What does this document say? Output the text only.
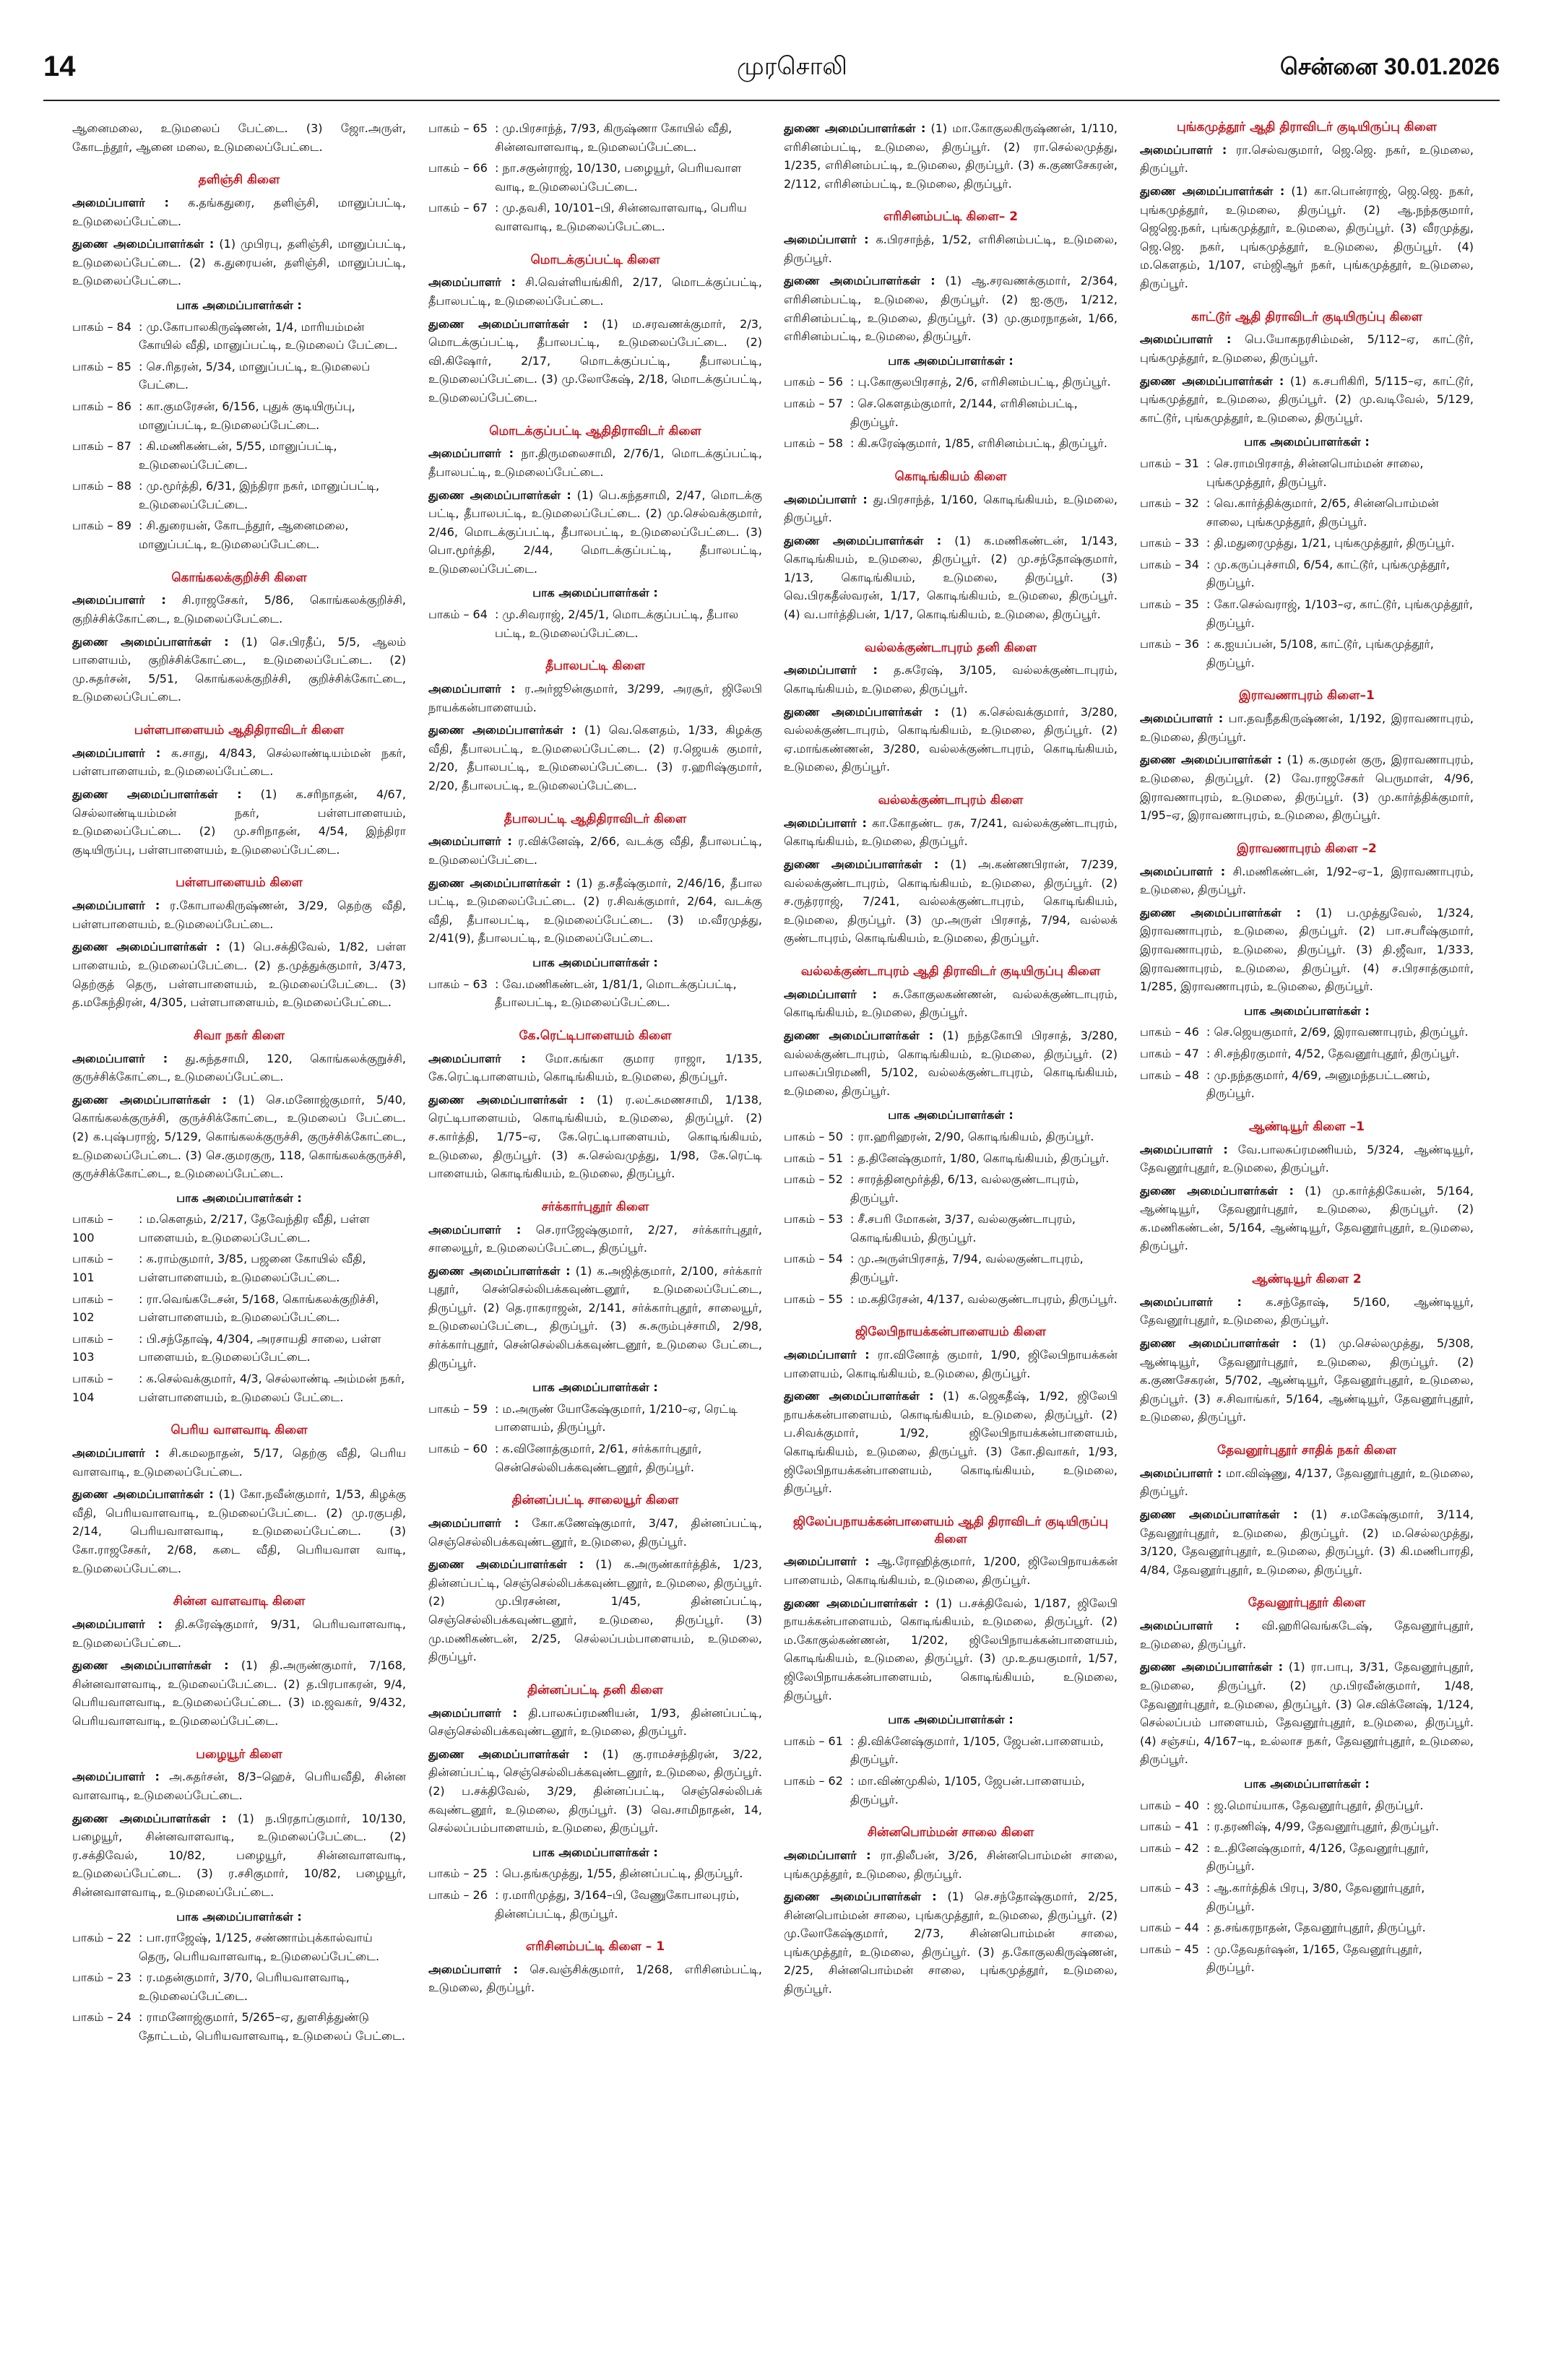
14	முரசொலி	சென்னை 30.01.2026

ஆனைமலை, உடுமலைப் பேட்டை. (3) ஜோ.அருள், கோடந்தூர், ஆனை மலை, உடுமலைப்பேட்டை.

தளிஞ்சி கிளை

அமைப்பாளர் : க.தங்கதுரை, தளிஞ்சி, மானுப்பட்டி, உடுமலைப்பேட்டை.

துணை அமைப்பாளர்கள் : (1) முபிரபு, தளிஞ்சி, மானுப்பட்டி, உடுமலைப்பேட்டை. (2) க.துரையன், தளிஞ்சி, மானுப்பட்டி, உடுமலைப்பேட்டை.

பாக அமைப்பாளர்கள் :
பாகம் – 84 : மு.கோபாலகிருஷ்ணன், 1/4, மாரியம்மன் கோயில் வீதி, மானுப்பட்டி, உடுமலைப் பேட்டை.
பாகம் – 85 : செ.ரிதரன், 5/34, மானுப்பட்டி, உடுமலைப் பேட்டை.
பாகம் – 86 : கா.குமரேசன், 6/156, புதுக் குடியிருப்பு, மானுப்பட்டி, உடுமலைப்பேட்டை.
பாகம் – 87 : கி.மணிகண்டன், 5/55, மானுப்பட்டி, உடுமலைப்பேட்டை.
பாகம் – 88 : மு.மூர்த்தி, 6/31, இந்திரா நகர், மானுப்பட்டி, உடுமலைப்பேட்டை.
பாகம் – 89 : சி.துரையன், கோடந்தூர், ஆனைமலை, மானுப்பட்டி, உடுமலைப்பேட்டை.
கொங்கலக்குறிச்சி கிளை

அமைப்பாளர் : சி.ராஜசேகர், 5/86, கொங்கலக்குறிச்சி, குறிச்சிக்கோட்டை, உடுமலைப்பேட்டை.

துணை அமைப்பாளர்கள் : (1) செ.பிரதீப், 5/5, ஆலம் பாளையம், குறிச்சிக்கோட்டை, உடுமலைப்பேட்டை. (2) மு.சுதர்சன், 5/51, கொங்கலக்குறிச்சி, குறிச்சிக்கோட்டை, உடுமலைப்பேட்டை.

பள்ளபாளையம் ஆதிதிராவிடர் கிளை

அமைப்பாளர் : க.சாது, 4/843, செல்லாண்டியம்மன் நகர், பள்ளபாளையம், உடுமலைப்பேட்டை.

துணை அமைப்பாளர்கள் : (1) க.சரிநாதன், 4/67, செல்லாண்டியம்மன் நகர், பள்ளபாளையம், உடுமலைப்பேட்டை. (2) மு.சரிநாதன், 4/54, இந்திரா குடியிருப்பு, பள்ளபாளையம், உடுமலைப்பேட்டை.

பள்ளபாளையம் கிளை

அமைப்பாளர் : ர.கோபாலகிருஷ்ணன், 3/29, தெற்கு வீதி, பள்ளபாளையம், உடுமலைப்பேட்டை.

துணை அமைப்பாளர்கள் : (1) பெ.சக்திவேல், 1/82, பள்ள பாளையம், உடுமலைப்பேட்டை. (2) த.முத்துக்குமார், 3/473, தெற்குத் தெரு, பள்ளபாளையம், உடுமலைப்பேட்டை. (3) த.மகேந்திரன், 4/305, பள்ளபாளையம், உடுமலைப்பேட்டை.

சிவா நகர் கிளை

அமைப்பாளர் : து.கந்தசாமி, 120, கொங்கலக்குறுச்சி, குருச்சிக்கோட்டை, உடுமலைப்பேட்டை.

துணை அமைப்பாளர்கள் : (1) செ.மனோஜ்குமார், 5/40, கொங்கலக்குருச்சி, குருச்சிக்கோட்டை, உடுமலைப் பேட்டை. (2) க.புஷ்பராஜ், 5/129, கொங்கலக்குருச்சி, குருச்சிக்கோட்டை, உடுமலைப்பேட்டை. (3) செ.குமரகுரு, 118, கொங்கலக்குருச்சி, குருச்சிக்கோட்டை, உடுமலைப்பேட்டை.

பாக அமைப்பாளர்கள் :
பாகம் – 100
: ம.கௌதம், 2/217, தேவேந்திர வீதி, பள்ள பாளையம், உடுமலைப்பேட்டை.
பாகம் – 101
: க.ராம்குமார், 3/85, பஜனை கோயில் வீதி, பள்ளபாளையம், உடுமலைப்பேட்டை.
பாகம் – 102
: ரா.வெங்கடேசன், 5/168, கொங்கலக்குறிச்சி, பள்ளபாளையம், உடுமலைப்பேட்டை.
பாகம் – 103
: பி.சந்தோஷ், 4/304, அரசாயதி சாலை, பள்ள பாளையம், உடுமலைப்பேட்டை.
பாகம் – 104
: க.செல்வக்குமார், 4/3, செல்லாண்டி அம்மன் நகர், பள்ளபாளையம், உடுமலைப் பேட்டை.
பெரிய வாளவாடி கிளை

அமைப்பாளர் : சி.கமலநாதன், 5/17, தெற்கு வீதி, பெரிய வாளவாடி, உடுமலைப்பேட்டை.

துணை அமைப்பாளர்கள் : (1) கோ.நவீன்குமார், 1/53, கிழக்கு வீதி, பெரியவாளவாடி, உடுமலைப்பேட்டை. (2) மு.ரகுபதி, 2/14, பெரியவாளவாடி, உடுமலைப்பேட்டை. (3) கோ.ராஜசேகர், 2/68, கடை வீதி, பெரியவாள வாடி, உடுமலைப்பேட்டை.

சின்ன வாளவாடி கிளை

அமைப்பாளர் : தி.சுரேஷ்குமார், 9/31, பெரியவாளவாடி, உடுமலைப்பேட்டை.

துணை அமைப்பாளர்கள் : (1) தி.அருண்குமார், 7/168, சின்னவாளவாடி, உடுமலைப்பேட்டை. (2) த.பிரபாகரன், 9/4, பெரியவாளவாடி, உடுமலைப்பேட்டை. (3) ம.ஜவகர், 9/432, பெரியவாளவாடி, உடுமலைப்பேட்டை.

பழையூர் கிளை

அமைப்பாளர் : அ.சுதர்சன், 8/3–ஹெச், பெரியவீதி, சின்ன வாளவாடி, உடுமலைப்பேட்டை.

துணை அமைப்பாளர்கள் : (1) ந.பிரதாப்குமார், 10/130, பழையூர், சின்னவாளவாடி, உடுமலைப்பேட்டை. (2) ர.சக்திவேல், 10/82, பழையூர், சின்னவாளவாடி, உடுமலைப்பேட்டை. (3) ர.சசிகுமார், 10/82, பழையூர், சின்னவாளவாடி, உடுமலைப்பேட்டை.

பாக அமைப்பாளர்கள் :
பாகம் – 22 : பா.ராஜேஷ், 1/125, சண்ணாம்புக்கால்வாய் தெரு, பெரியவாளவாடி, உடுமலைப்பேட்டை.
பாகம் – 23 : ர.மதன்குமார், 3/70, பெரியவாளவாடி, உடுமலைப்பேட்டை.
பாகம் – 24 : ராமனோஜ்குமார், 5/265–ஏ, துளசித்துண்டு தோட்டம், பெரியவாளவாடி, உடுமலைப் பேட்டை.
பாகம் – 65 : மு.பிரசாந்த், 7/93, கிருஷ்ணா கோயில் வீதி, சின்னவாளவாடி, உடுமலைப்பேட்டை.
பாகம் – 66 : நா.சகுன்ராஜ், 10/130, பழையூர், பெரியவாள வாடி, உடுமலைப்பேட்டை.
பாகம் – 67 : மு.தவசி, 10/101–பி, சின்னவாளவாடி, பெரிய வாளவாடி, உடுமலைப்பேட்டை.
மொடக்குப்பட்டி கிளை

அமைப்பாளர் : சி.வெள்ளியங்கிரி, 2/17, மொடக்குப்பட்டி, தீபாலபட்டி, உடுமலைப்பேட்டை.

துணை அமைப்பாளர்கள் : (1) ம.சரவணக்குமார், 2/3, மொடக்குப்பட்டி, தீபாலபட்டி, உடுமலைப்பேட்டை. (2) வி.கிஷோர், 2/17, மொடக்குப்பட்டி, தீபாலபட்டி, உடுமலைப்பேட்டை. (3) மு.லோகேஷ், 2/18, மொடக்குப்பட்டி, உடுமலைப்பேட்டை.

மொடக்குப்பட்டி ஆதிதிராவிடர் கிளை

அமைப்பாளர் : நா.திருமலைசாமி, 2/76/1, மொடக்குப்பட்டி, தீபாலபட்டி, உடுமலைப்பேட்டை.

துணை அமைப்பாளர்கள் : (1) பெ.கந்தசாமி, 2/47, மொடக்கு பட்டி, தீபாலபட்டி, உடுமலைப்பேட்டை. (2) மு.செல்வக்குமார், 2/46, மொடக்குப்பட்டி, தீபாலபட்டி, உடுமலைப்பேட்டை. (3) பொ.மூர்த்தி, 2/44, மொடக்குப்பட்டி, தீபாலபட்டி, உடுமலைப்பேட்டை.

பாக அமைப்பாளர்கள் :
பாகம் – 64 : மு.சிவராஜ், 2/45/1, மொடக்குப்பட்டி, தீபால பட்டி, உடுமலைப்பேட்டை.
தீபாலபட்டி கிளை

அமைப்பாளர் : ர.அர்ஜூன்குமார், 3/299, அரசூர், ஜிலேபி நாயக்கன்பாளையம்.

துணை அமைப்பாளர்கள் : (1) வெ.கௌதம், 1/33, கிழக்கு வீதி, தீபாலபட்டி, உடுமலைப்பேட்டை. (2) ர.ஜெயக் குமார், 2/20, தீபாலபட்டி, உடுமலைப்பேட்டை. (3) ர.ஹரிஷ்குமார், 2/20, தீபாலபட்டி, உடுமலைப்பேட்டை.

தீபாலபட்டி ஆதிதிராவிடர் கிளை

அமைப்பாளர் : ர.விக்னேஷ், 2/66, வடக்கு வீதி, தீபாலபட்டி, உடுமலைப்பேட்டை.

துணை அமைப்பாளர்கள் : (1) த.சதீஷ்குமார், 2/46/16, தீபால பட்டி, உடுமலைப்பேட்டை. (2) ர.சிவக்குமார், 2/64, வடக்கு வீதி, தீபாலபட்டி, உடுமலைப்பேட்டை. (3) ம.வீரமுத்து, 2/41(9), தீபாலபட்டி, உடுமலைப்பேட்டை.

பாக அமைப்பாளர்கள் :
பாகம் – 63 : வே.மணிகண்டன், 1/81/1, மொடக்குப்பட்டி, தீபாலபட்டி, உடுமலைப்பேட்டை.
கே.ரெட்டிபாளையம் கிளை

அமைப்பாளர் : மோ.கங்கா குமார ராஜா, 1/135, கே.ரெட்டிபாளையம், கொடிங்கியம், உடுமலை, திருப்பூர்.

துணை அமைப்பாளர்கள் : (1) ர.லட்சுமணசாமி, 1/138, ரெட்டிபாளையம், கொடிங்கியம், உடுமலை, திருப்பூர். (2) ச.கார்த்தி, 1/75–ஏ, கே.ரெட்டிபாளையம், கொடிங்கியம், உடுமலை, திருப்பூர். (3) சு.செல்வமுத்து, 1/98, கே.ரெட்டி பாளையம், கொடிங்கியம், உடுமலை, திருப்பூர்.

சர்க்கார்புதூர் கிளை

அமைப்பாளர் : செ.ராஜேஷ்குமார், 2/27, சர்க்கார்புதூர், சாலையூர், உடுமலைப்பேட்டை, திருப்பூர்.

துணை அமைப்பாளர்கள் : (1) க.அஜித்குமார், 2/100, சர்க்கார் புதூர், சென்செல்லிபக்கவுண்டனூர், உடுமலைப்பேட்டை, திருப்பூர். (2) தெ.ராகராஜன், 2/141, சர்க்கார்புதூர், சாலையூர், உடுமலைப்பேட்டை, திருப்பூர். (3) சு.சுரும்புச்சாமி, 2/98, சர்க்கார்புதூர், சென்செல்லிபக்கவுண்டனூர், உடுமலை பேட்டை, திருப்பூர்.

பாக அமைப்பாளர்கள் :
பாகம் – 59 : ம.அருண் யோகேஷ்குமார், 1/210–ஏ, ரெட்டி பாளையம், திருப்பூர்.
பாகம் – 60 : க.வினோத்குமார், 2/61, சர்க்கார்புதூர், சென்செல்லிபக்கவுண்டனூர், திருப்பூர்.
தின்னப்பட்டி சாலையூர் கிளை

அமைப்பாளர் : கோ.கணேஷ்குமார், 3/47, தின்னப்பட்டி, செஞ்செல்லிபக்கவுண்டனூர், உடுமலை, திருப்பூர்.

துணை அமைப்பாளர்கள் : (1) க.அருண்கார்த்திக், 1/23, தின்னப்பட்டி, செஞ்செல்லிபக்கவுண்டனூர், உடுமலை, திருப்பூர். (2) மு.பிரசன்ன, 1/45, தின்னப்பட்டி, செஞ்செல்லிபக்கவுண்டனூர், உடுமலை, திருப்பூர். (3) மு.மணிகண்டன், 2/25, செல்லப்பம்பாளையம், உடுமலை, திருப்பூர்.

தின்னப்பட்டி தனி கிளை

அமைப்பாளர் : தி.பாலசுப்ரமணியன், 1/93, தின்னப்பட்டி, செஞ்செல்லிபக்கவுண்டனூர், உடுமலை, திருப்பூர்.

துணை அமைப்பாளர்கள் : (1) கு.ராமச்சந்திரன், 3/22, தின்னப்பட்டி, செஞ்செல்லிபக்கவுண்டனூர், உடுமலை, திருப்பூர். (2) ப.சக்திவேல், 3/29, தின்னப்பட்டி, செஞ்செல்லிபக் கவுண்டனூர், உடுமலை, திருப்பூர். (3) வெ.சாமிநாதன், 14, செல்லப்பம்பாளையம், உடுமலை, திருப்பூர்.

பாக அமைப்பாளர்கள் :
பாகம் – 25 : பெ.தங்கமுத்து, 1/55, தின்னப்பட்டி, திருப்பூர்.
பாகம் – 26 : ர.மாரிமுத்து, 3/164–பி, வேணுகோபாலபுரம், தின்னப்பட்டி, திருப்பூர்.
எரிசினம்பட்டி கிளை – 1

அமைப்பாளர் : செ.வஞ்சிக்குமார், 1/268, எரிசினம்பட்டி, உடுமலை, திருப்பூர்.

துணை அமைப்பாளர்கள் : (1) மா.கோகுலகிருஷ்ணன், 1/110, எரிசினம்பட்டி, உடுமலை, திருப்பூர். (2) ரா.செல்லமுத்து, 1/235, எரிசினம்பட்டி, உடுமலை, திருப்பூர். (3) சு.குணசேகரன், 2/112, எரிசினம்பட்டி, உடுமலை, திருப்பூர்.

எரிசினம்பட்டி கிளை– 2

அமைப்பாளர் : க.பிரசாந்த், 1/52, எரிசினம்பட்டி, உடுமலை, திருப்பூர்.

துணை அமைப்பாளர்கள் : (1) ஆ.சரவணக்குமார், 2/364, எரிசினம்பட்டி, உடுமலை, திருப்பூர். (2) ஐ.குரு, 1/212, எரிசினம்பட்டி, உடுமலை, திருப்பூர். (3) மு.குமரநாதன், 1/66, எரிசினம்பட்டி, உடுமலை, திருப்பூர்.

பாக அமைப்பாளர்கள் :
பாகம் – 56 : பு.கோகுலபிரசாத், 2/6, எரிசினம்பட்டி, திருப்பூர்.
பாகம் – 57 : செ.கௌதம்குமார், 2/144, எரிசினம்பட்டி, திருப்பூர்.
பாகம் – 58 : கி.சுரேஷ்குமார், 1/85, எரிசினம்பட்டி, திருப்பூர்.
கொடிங்கியம் கிளை

அமைப்பாளர் : து.பிரசாந்த், 1/160, கொடிங்கியம், உடுமலை, திருப்பூர்.

துணை அமைப்பாளர்கள் : (1) க.மணிகண்டன், 1/143, கொடிங்கியம், உடுமலை, திருப்பூர். (2) மு.சந்தோஷ்குமார், 1/13, கொடிங்கியம், உடுமலை, திருப்பூர். (3) வெ.பிரகதீஸ்வரன், 1/17, கொடிங்கியம், உடுமலை, திருப்பூர். (4) வ.பார்த்திபன், 1/17, கொடிங்கியம், உடுமலை, திருப்பூர்.

வல்லக்குண்டாபுரம் தனி கிளை

அமைப்பாளர் : த.சுரேஷ், 3/105, வல்லக்குண்டாபுரம், கொடிங்கியம், உடுமலை, திருப்பூர்.

துணை அமைப்பாளர்கள் : (1) க.செல்வக்குமார், 3/280, வல்லக்குண்டாபுரம், கொடிங்கியம், உடுமலை, திருப்பூர். (2) ஏ.மாங்கண்ணன், 3/280, வல்லக்குண்டாபுரம், கொடிங்கியம், உடுமலை, திருப்பூர்.

வல்லக்குண்டாபுரம் கிளை

அமைப்பாளர் : கா.கோதண்ட ரசு, 7/241, வல்லக்குண்டாபுரம், கொடிங்கியம், உடுமலை, திருப்பூர்.

துணை அமைப்பாளர்கள் : (1) அ.கண்ணபிரான், 7/239, வல்லக்குண்டாபுரம், கொடிங்கியம், உடுமலை, திருப்பூர். (2) ச.ருத்ரராஜ், 7/241, வல்லக்குண்டாபுரம், கொடிங்கியம், உடுமலை, திருப்பூர். (3) மு.அருள் பிரசாத், 7/94, வல்லக் குண்டாபுரம், கொடிங்கியம், உடுமலை, திருப்பூர்.

வல்லக்குண்டாபுரம் ஆதி திராவிடர் குடியிருப்பு கிளை

அமைப்பாளர் : சு.கோகுலகண்ணன், வல்லக்குண்டாபுரம், கொடிங்கியம், உடுமலை, திருப்பூர்.

துணை அமைப்பாளர்கள் : (1) நந்தகோபி பிரசாத், 3/280, வல்லக்குண்டாபுரம், கொடிங்கியம், உடுமலை, திருப்பூர். (2) பாலசுப்பிரமணி, 5/102, வல்லக்குண்டாபுரம், கொடிங்கியம், உடுமலை, திருப்பூர்.

பாக அமைப்பாளர்கள் :
பாகம் – 50 : ரா.ஹரிஹரன், 2/90, கொடிங்கியம், திருப்பூர்.
பாகம் – 51 : த.தினேஷ்குமார், 1/80, கொடிங்கியம், திருப்பூர்.
பாகம் – 52 : சாரத்தினமூர்த்தி, 6/13, வல்லகுண்டாபுரம், திருப்பூர்.
பாகம் – 53 : சீ.சபரி மோகன், 3/37, வல்லகுண்டாபுரம், கொடிங்கியம், திருப்பூர்.
பாகம் – 54 : மு.அருள்பிரசாத், 7/94, வல்லகுண்டாபுரம், திருப்பூர்.
பாகம் – 55 : ம.கதிரேசன், 4/137, வல்லகுண்டாபுரம், திருப்பூர்.
ஜிலேபிநாயக்கன்பாளையம் கிளை

அமைப்பாளர் : ரா.வினோத் குமார், 1/90, ஜிலேபிநாயக்கன் பாளையம், கொடிங்கியம், உடுமலை, திருப்பூர்.

துணை அமைப்பாளர்கள் : (1) க.ஜெகதீஷ், 1/92, ஜிலேபி நாயக்கன்பாளையம், கொடிங்கியம், உடுமலை, திருப்பூர். (2) ப.சிவக்குமார், 1/92, ஜிலேபிநாயக்கன்பாளையம், கொடிங்கியம், உடுமலை, திருப்பூர். (3) கோ.திவாகர், 1/93, ஜிலேபிநாயக்கன்பாளையம், கொடிங்கியம், உடுமலை, திருப்பூர்.

ஜிலேப்பநாயக்கன்பாளையம் ஆதி திராவிடர் குடியிருப்பு கிளை

அமைப்பாளர் : ஆ.ரோஹித்குமார், 1/200, ஜிலேபிநாயக்கன் பாளையம், கொடிங்கியம், உடுமலை, திருப்பூர்.

துணை அமைப்பாளர்கள் : (1) ப.சக்திவேல், 1/187, ஜிலேபி நாயக்கன்பாளையம், கொடிங்கியம், உடுமலை, திருப்பூர். (2) ம.கோகுல்கண்ணன், 1/202, ஜிலேபிநாயக்கன்பாளையம், கொடிங்கியம், உடுமலை, திருப்பூர். (3) மு.உதயகுமார், 1/57, ஜிலேபிநாயக்கன்பாளையம், கொடிங்கியம், உடுமலை, திருப்பூர்.

பாக அமைப்பாளர்கள் :
பாகம் – 61 : தி.விக்னேஷ்குமார், 1/105, ஜேபன்.பாளையம், திருப்பூர்.
பாகம் – 62 : மா.விண்முகில், 1/105, ஜேபன்.பாளையம், திருப்பூர்.
சின்னபொம்மன் சாலை கிளை

அமைப்பாளர் : ரா.திலீபன், 3/26, சின்னபொம்மன் சாலை, புங்கமுத்தூர், உடுமலை, திருப்பூர்.

துணை அமைப்பாளர்கள் : (1) செ.சந்தோஷ்குமார், 2/25, சின்னபொம்மன் சாலை, புங்கமுத்தூர், உடுமலை, திருப்பூர். (2) மு.லோகேஷ்குமார், 2/73, சின்னபொம்மன் சாலை, புங்கமுத்தூர், உடுமலை, திருப்பூர். (3) த.கோகுலகிருஷ்ணன், 2/25, சின்னபொம்மன் சாலை, புங்கமுத்தூர், உடுமலை, திருப்பூர்.

புங்கமுத்தூர் ஆதி திராவிடர் குடியிருப்பு கிளை

அமைப்பாளர் : ரா.செல்வகுமார், ஜெ.ஜெ. நகர், உடுமலை, திருப்பூர்.

துணை அமைப்பாளர்கள் : (1) கா.பொன்ராஜ், ஜெ.ஜெ. நகர், புங்கமுத்தூர், உடுமலை, திருப்பூர். (2) ஆ.நந்தகுமார், ஜெஜெ.நகர், புங்கமுத்தூர், உடுமலை, திருப்பூர். (3) வீரமுத்து, ஜெ.ஜெ. நகர், புங்கமுத்தூர், உடுமலை, திருப்பூர். (4) ம.கௌதம், 1/107, எம்ஜிஆர் நகர், புங்கமுத்தூர், உடுமலை, திருப்பூர்.

காட்டூர் ஆதி திராவிடர் குடியிருப்பு கிளை

அமைப்பாளர் : பெ.யோகநரசிம்மன், 5/112–ஏ, காட்டூர், புங்கமுத்தூர், உடுமலை, திருப்பூர்.

துணை அமைப்பாளர்கள் : (1) க.சபரிகிரி, 5/115–ஏ, காட்டூர், புங்கமுத்தூர், உடுமலை, திருப்பூர். (2) மு.வடிவேல், 5/129, காட்டூர், புங்கமுத்தூர், உடுமலை, திருப்பூர்.

பாக அமைப்பாளர்கள் :
பாகம் – 31 : செ.ராமபிரசாத், சின்னபொம்மன் சாலை, புங்கமுத்தூர், திருப்பூர்.
பாகம் – 32 : வெ.கார்த்திக்குமார், 2/65, சின்னபொம்மன் சாலை, புங்கமுத்தூர், திருப்பூர்.
பாகம் – 33 : தி.மதுரைமுத்து, 1/21, புங்கமுத்தூர், திருப்பூர்.
பாகம் – 34 : மு.கருப்புச்சாமி, 6/54, காட்டூர், புங்கமுத்தூர், திருப்பூர்.
பாகம் – 35 : கோ.செல்வராஜ், 1/103–ஏ, காட்டூர், புங்கமுத்தூர், திருப்பூர்.
பாகம் – 36 : க.ஐயப்பன், 5/108, காட்டூர், புங்கமுத்தூர், திருப்பூர்.
இராவணாபுரம் கிளை–1

அமைப்பாளர் : பா.தவநீதகிருஷ்ணன், 1/192, இராவணாபுரம், உடுமலை, திருப்பூர்.

துணை அமைப்பாளர்கள் : (1) க.குமரன் குரு, இராவணாபுரம், உடுமலை, திருப்பூர். (2) வே.ராஜசேகர் பெருமாள், 4/96, இராவணாபுரம், உடுமலை, திருப்பூர். (3) மு.கார்த்திக்குமார், 1/95–ஏ, இராவணாபுரம், உடுமலை, திருப்பூர்.

இராவணாபுரம் கிளை –2

அமைப்பாளர் : சி.மணிகண்டன், 1/92–ஏ–1, இராவணாபுரம், உடுமலை, திருப்பூர்.

துணை அமைப்பாளர்கள் : (1) ப.முத்துவேல், 1/324, இராவணாபுரம், உடுமலை, திருப்பூர். (2) பா.சபரீஷ்குமார், இராவணாபுரம், உடுமலை, திருப்பூர். (3) தி.ஜீவா, 1/333, இராவணாபுரம், உடுமலை, திருப்பூர். (4) ச.பிரசாத்குமார், 1/285, இராவணாபுரம், உடுமலை, திருப்பூர்.

பாக அமைப்பாளர்கள் :
பாகம் – 46 : செ.ஜெயகுமார், 2/69, இராவணாபுரம், திருப்பூர்.
பாகம் – 47 : சி.சந்திரகுமார், 4/52, தேவனூர்புதூர், திருப்பூர்.
பாகம் – 48 : மு.நந்தகுமார், 4/69, அனுமந்தபட்டணம், திருப்பூர்.
ஆண்டியூர் கிளை –1

அமைப்பாளர் : வே.பாலசுப்ரமணியம், 5/324, ஆண்டியூர், தேவனூர்புதூர், உடுமலை, திருப்பூர்.

துணை அமைப்பாளர்கள் : (1) மு.கார்த்திகேயன், 5/164, ஆண்டியூர், தேவனூர்புதூர், உடுமலை, திருப்பூர். (2) க.மணிகண்டன், 5/164, ஆண்டியூர், தேவனூர்புதூர், உடுமலை, திருப்பூர்.

ஆண்டியூர் கிளை 2

அமைப்பாளர் : க.சந்தோஷ், 5/160, ஆண்டியூர், தேவனூர்புதூர், உடுமலை, திருப்பூர்.

துணை அமைப்பாளர்கள் : (1) மு.செல்லமுத்து, 5/308, ஆண்டியூர், தேவனூர்புதூர், உடுமலை, திருப்பூர். (2) க.குணசேகரன், 5/702, ஆண்டியூர், தேவனூர்புதூர், உடுமலை, திருப்பூர். (3) ச.சிவாங்கர், 5/164, ஆண்டியூர், தேவனூர்புதூர், உடுமலை, திருப்பூர்.

தேவனூர்புதூர் சாதிக் நகர் கிளை

அமைப்பாளர் : மா.விஷ்ணு, 4/137, தேவனூர்புதூர், உடுமலை, திருப்பூர்.

துணை அமைப்பாளர்கள் : (1) ச.மகேஷ்குமார், 3/114, தேவனூர்புதூர், உடுமலை, திருப்பூர். (2) ம.செல்லமுத்து, 3/120, தேவனூர்புதூர், உடுமலை, திருப்பூர். (3) கி.மணிபாரதி, 4/84, தேவனூர்புதூர், உடுமலை, திருப்பூர்.

தேவனூர்புதூர் கிளை

அமைப்பாளர் : வி.ஹரிவெங்கடேஷ், தேவனூர்புதூர், உடுமலை, திருப்பூர்.

துணை அமைப்பாளர்கள் : (1) ரா.பாபு, 3/31, தேவனூர்புதூர், உடுமலை, திருப்பூர். (2) மு.பிரவீன்குமார், 1/48, தேவனூர்புதூர், உடுமலை, திருப்பூர். (3) செ.விக்னேஷ், 1/124, செல்லப்பம் பாளையம், தேவனூர்புதூர், உடுமலை, திருப்பூர். (4) சஞ்சய், 4/167–டி, உல்லாச நகர், தேவனூர்புதூர், உடுமலை, திருப்பூர்.

பாக அமைப்பாளர்கள் :
பாகம் – 40 : ஜ.மொய்யாக, தேவனூர்புதூர், திருப்பூர்.
பாகம் – 41 : ர.தரணிஷ், 4/99, தேவனூர்புதூர், திருப்பூர்.
பாகம் – 42 : உ.தினேஷ்குமார், 4/126, தேவனூர்புதூர், திருப்பூர்.
பாகம் – 43 : ஆ.கார்த்திக் பிரபு, 3/80, தேவனூர்புதூர், திருப்பூர்.
பாகம் – 44 : த.சங்கரநாதன், தேவனூர்புதூர், திருப்பூர்.
பாகம் – 45 : மு.தேவதர்ஷன், 1/165, தேவனூர்புதூர், திருப்பூர்.
